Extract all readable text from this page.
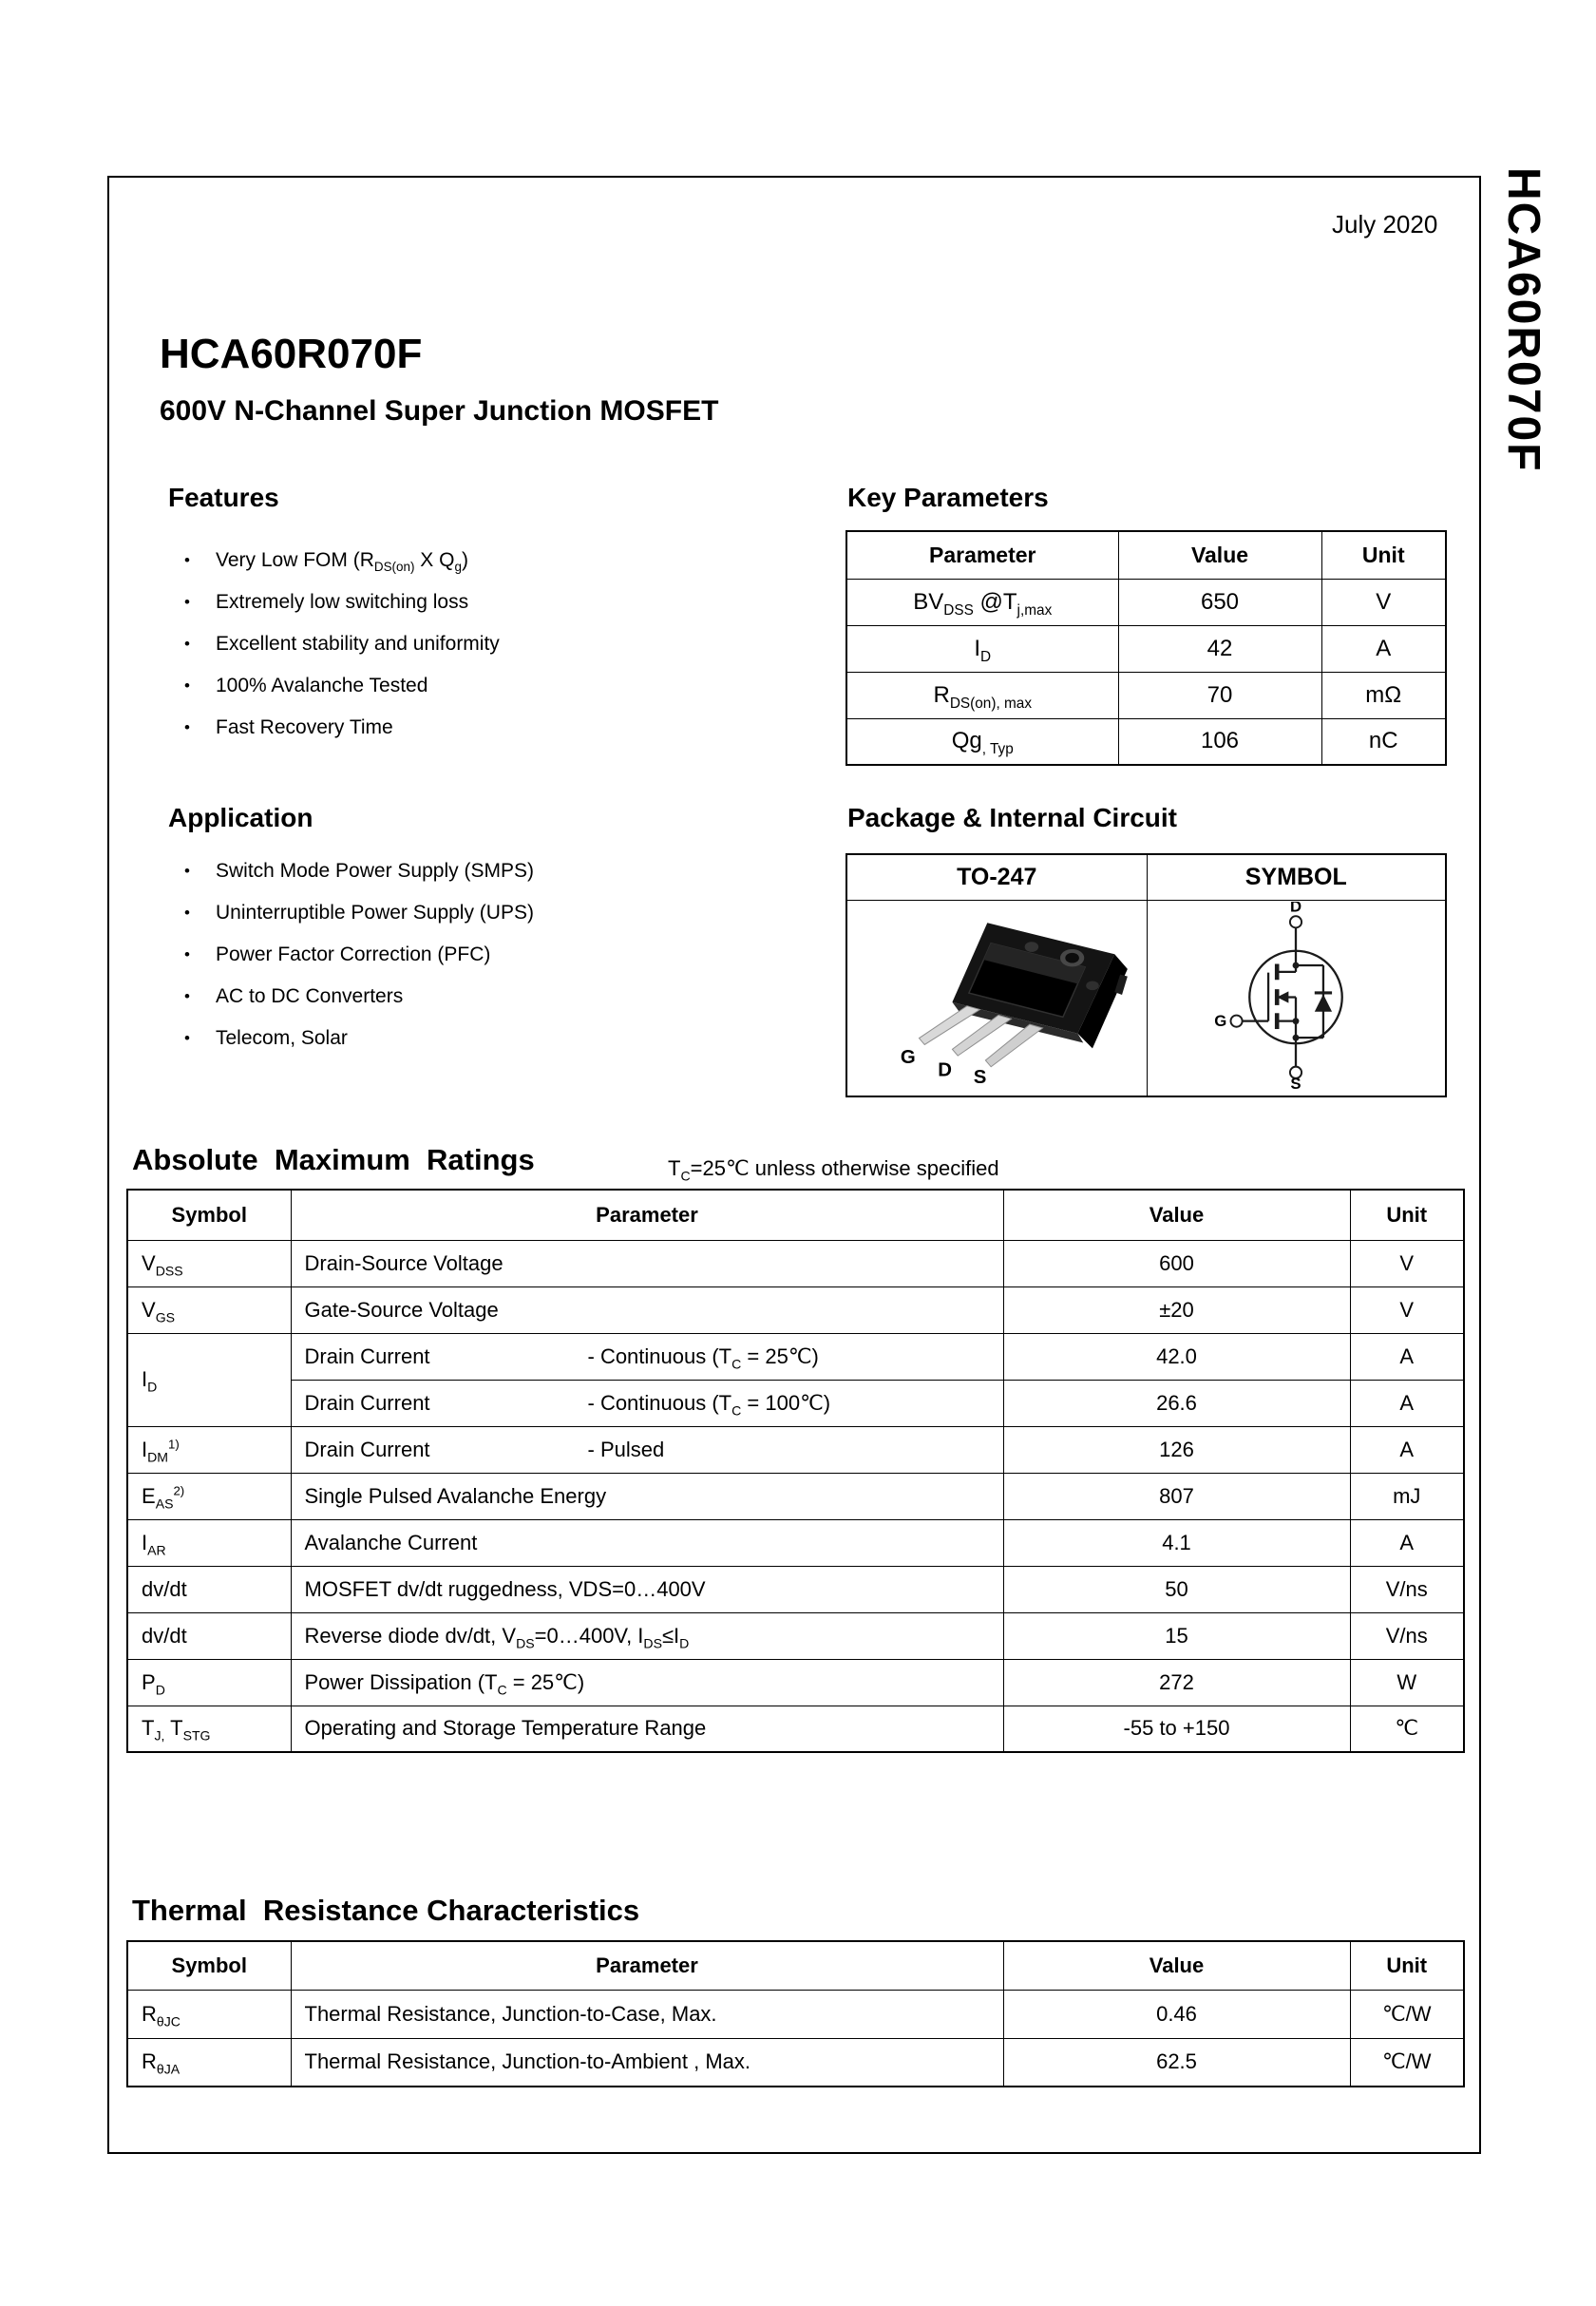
July 2020 HCA60R070F
HCA60R070F
600V N-Channel Super Junction MOSFET
Features
• Very Low FOM ($R_{DS(on)}$ X $Q_g$)
• Extremely low switching loss
• Excellent stability and uniformity
• 100% Avalanche Tested
• Fast Recovery Time
Application
• Switch Mode Power Supply (SMPS)
• Uninterruptible Power Supply (UPS)
• Power Factor Correction (PFC)
• AC to DC Converters
• Telecom, Solar
Key Parameters
Parameter	Value	Unit
$BV_{DSS}$ $@T_{j,max}$	650	V
$I_D$	42	A
$R_{DS(on), max}$	70	mΩ
$Qg_{, Typ}$	106	nC
Package & Internal Circuit
TO-247	SYMBOL

G
D S	D
G
S
Absolute  Maximum  Ratings	$T_C=25℃$ unless otherwise specified
Symbol	Parameter	Value	Unit
$V_{DSS}$	Drain-Source Voltage	600	V
$V_{GS}$	Gate-Source Voltage	±20	V
$I_D$	Drain Current - Continuous ($T_C$ = 25℃)	42.0	A
	Drain Current - Continuous ($T_C$ = 100℃)	26.6	A
$I_{DM}^{1)}$	Drain Current - Pulsed	126	A
$E_{AS}^{2)}$	Single Pulsed Avalanche Energy	807	mJ
$I_{AR}$	Avalanche Current	4.1	A
dv/dt	MOSFET dv/dt ruggedness, VDS=0…400V	50	V/ns
dv/dt	Reverse diode dv/dt, $V_{DS}=0\dots 400V$, $I_{DS}\le I_D$	15	V/ns
$P_D$	Power Dissipation ($T_C$ = 25℃)	272	W
$T_{J,}$ $T_{STG}$	Operating and Storage Temperature Range	-55 to +150	℃
Thermal  Resistance Characteristics
Symbol	Parameter	Value	Unit
$R_{\theta JC}$	Thermal Resistance, Junction-to-Case, Max.	0.46	℃/W
$R_{\theta JA}$	Thermal Resistance, Junction-to-Ambient , Max.	62.5	℃/W
